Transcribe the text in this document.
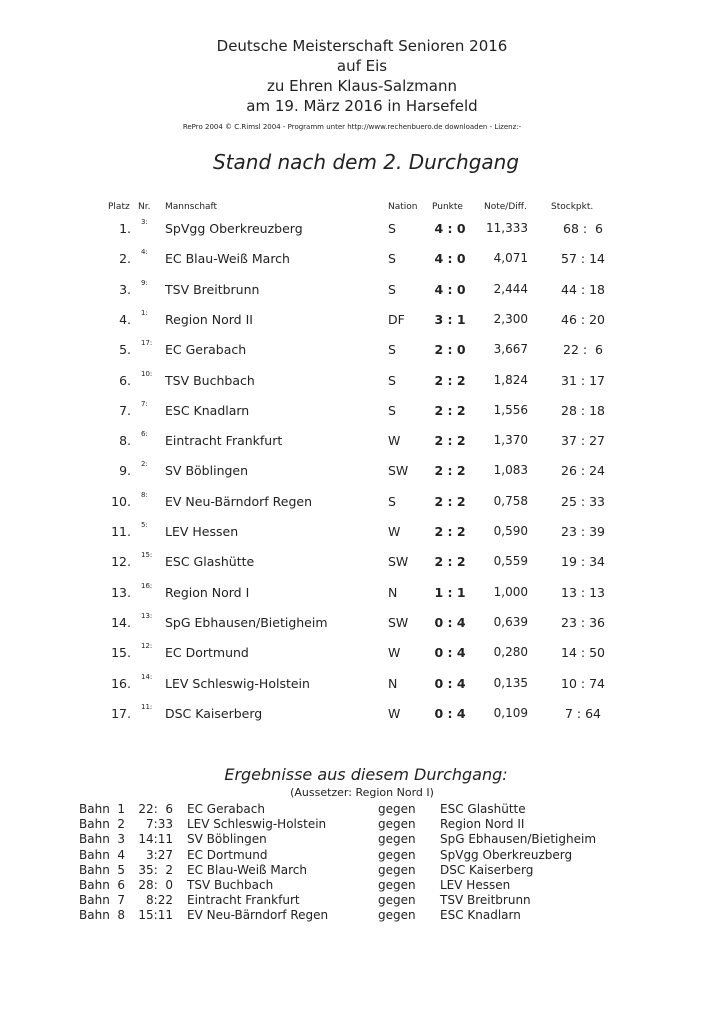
Deutsche Meisterschaft Senioren 2016
auf Eis
zu Ehren Klaus-Salzmann
am 19. März 2016 in Harsefeld
RePro 2004 © C.Rimsl 2004 - Programm unter http://www.rechenbuero.de downloaden - Lizenz:-
Stand nach dem 2. Durchgang
Platz Nr. Mannschaft	Nation Punkte Note/Diff.	Stockpkt.
1. 3: SpVgg Oberkreuzberg	S	4 : 0	11,333	68 :  6
2. 4: EC Blau-Weiß March	S	4 : 0	4,071	57 : 14
3. 9: TSV Breitbrunn	S	4 : 0	2,444	44 : 18
4. 1: Region Nord II	DF	3 : 1	2,300	46 : 20
5. 17: EC Gerabach	S	2 : 0	3,667	22 :  6
6. 10: TSV Buchbach	S	2 : 2	1,824	31 : 17
7. 7: ESC Knadlarn	S	2 : 2	1,556	28 : 18
8. 6: Eintracht Frankfurt	W	2 : 2	1,370	37 : 27
9. 2: SV Böblingen	SW	2 : 2	1,083	26 : 24
10. 8: EV Neu-Bärndorf Regen	S	2 : 2	0,758	25 : 33
11. 5: LEV Hessen	W	2 : 2	0,590	23 : 39
12. 15: ESC Glashütte	SW	2 : 2	0,559	19 : 34
13. 16: Region Nord I	N	1 : 1	1,000	13 : 13
14. 13: SpG Ebhausen/Bietigheim	SW	0 : 4	0,639	23 : 36
15. 12: EC Dortmund	W	0 : 4	0,280	14 : 50
16. 14: LEV Schleswig-Holstein	N	0 : 4	0,135	10 : 74
17. 11: DSC Kaiserberg	W	0 : 4	0,109	7 : 64
Ergebnisse aus diesem Durchgang:
(Aussetzer: Region Nord I)
Bahn  1 22:  6 EC Gerabach	gegen ESC Glashütte
Bahn  2 7:33 LEV Schleswig-Holstein	gegen Region Nord II
Bahn  3 14:11 SV Böblingen	gegen SpG Ebhausen/Bietigheim
Bahn  4 3:27 EC Dortmund	gegen SpVgg Oberkreuzberg
Bahn  5 35:  2 EC Blau-Weiß March	gegen DSC Kaiserberg
Bahn  6 28:  0 TSV Buchbach	gegen LEV Hessen
Bahn  7 8:22 Eintracht Frankfurt	gegen TSV Breitbrunn
Bahn  8 15:11 EV Neu-Bärndorf Regen	gegen ESC Knadlarn
